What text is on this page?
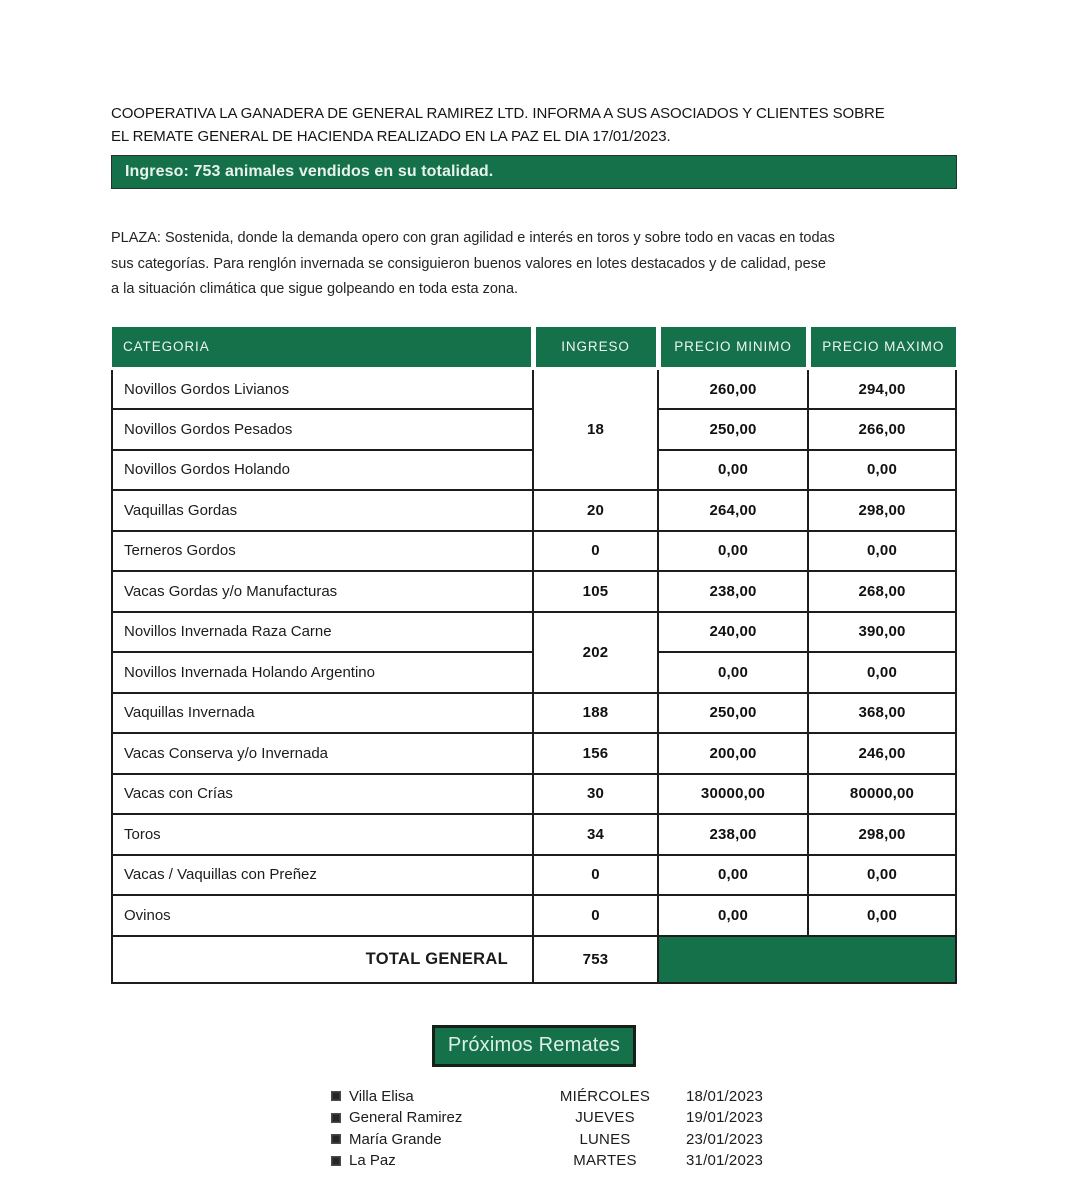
COOPERATIVA LA GANADERA DE GENERAL RAMIREZ LTD. INFORMA A SUS ASOCIADOS Y CLIENTES SOBRE
EL REMATE GENERAL DE HACIENDA REALIZADO EN LA PAZ EL DIA 17/01/2023.
Ingreso: 753 animales vendidos en su totalidad.
PLAZA: Sostenida, donde la demanda opero con gran agilidad e interés en toros y sobre todo en vacas en todas
sus categorías. Para renglón invernada se consiguieron buenos valores en lotes destacados y de calidad, pese
a la situación climática que sigue golpeando en toda esta zona.
CATEGORIA	INGRESO	PRECIO MINIMO	PRECIO MAXIMO
Novillos Gordos Livianos	18	260,00	294,00
Novillos Gordos Pesados		250,00	266,00
Novillos Gordos Holando		0,00	0,00
Vaquillas Gordas	20	264,00	298,00
Terneros Gordos	0	0,00	0,00
Vacas Gordas y/o Manufacturas	105	238,00	268,00
Novillos Invernada Raza Carne	202	240,00	390,00
Novillos Invernada Holando Argentino		0,00	0,00
Vaquillas Invernada	188	250,00	368,00
Vacas Conserva y/o Invernada	156	200,00	246,00
Vacas con Crías	30	30000,00	80000,00
Toros	34	238,00	298,00
Vacas / Vaquillas con Preñez	0	0,00	0,00
Ovinos	0	0,00	0,00
TOTAL GENERAL	753		
Próximos Remates
Villa Elisa	MIÉRCOLES	18/01/2023
General Ramirez	JUEVES	19/01/2023
María Grande	LUNES	23/01/2023
La Paz	MARTES	31/01/2023
